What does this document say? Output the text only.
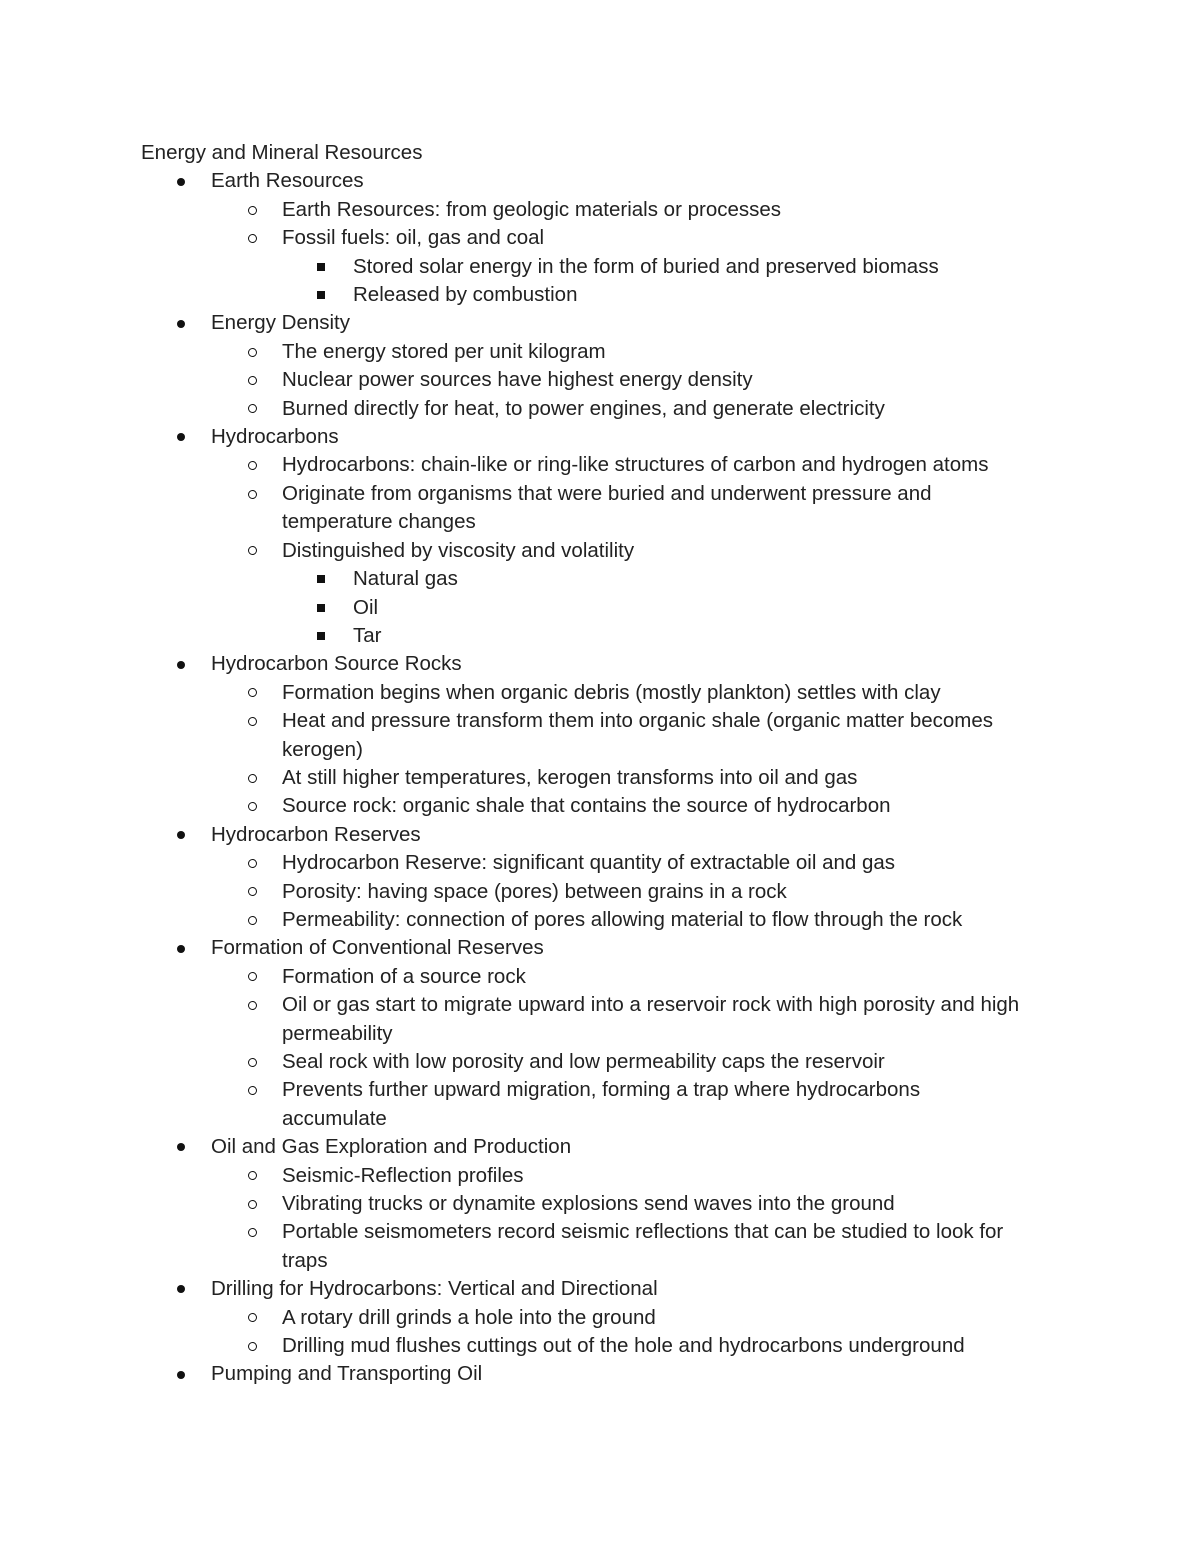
Energy and Mineral Resources
Earth Resources
Earth Resources: from geologic materials or processes
Fossil fuels: oil, gas and coal
Stored solar energy in the form of buried and preserved biomass
Released by combustion
Energy Density
The energy stored per unit kilogram
Nuclear power sources have highest energy density
Burned directly for heat, to power engines, and generate electricity
Hydrocarbons
Hydrocarbons: chain-like or ring-like structures of carbon and hydrogen atoms
Originate from organisms that were buried and underwent pressure and
temperature changes
Distinguished by viscosity and volatility
Natural gas
Oil
Tar
Hydrocarbon Source Rocks
Formation begins when organic debris (mostly plankton) settles with clay
Heat and pressure transform them into organic shale (organic matter becomes
kerogen)
At still higher temperatures, kerogen transforms into oil and gas
Source rock: organic shale that contains the source of hydrocarbon
Hydrocarbon Reserves
Hydrocarbon Reserve: significant quantity of extractable oil and gas
Porosity: having space (pores) between grains in a rock
Permeability: connection of pores allowing material to flow through the rock
Formation of Conventional Reserves
Formation of a source rock
Oil or gas start to migrate upward into a reservoir rock with high porosity and high
permeability
Seal rock with low porosity and low permeability caps the reservoir
Prevents further upward migration, forming a trap where hydrocarbons
accumulate
Oil and Gas Exploration and Production
Seismic-Reflection profiles
Vibrating trucks or dynamite explosions send waves into the ground
Portable seismometers record seismic reflections that can be studied to look for
traps
Drilling for Hydrocarbons: Vertical and Directional
A rotary drill grinds a hole into the ground
Drilling mud flushes cuttings out of the hole and hydrocarbons underground
Pumping and Transporting Oil
